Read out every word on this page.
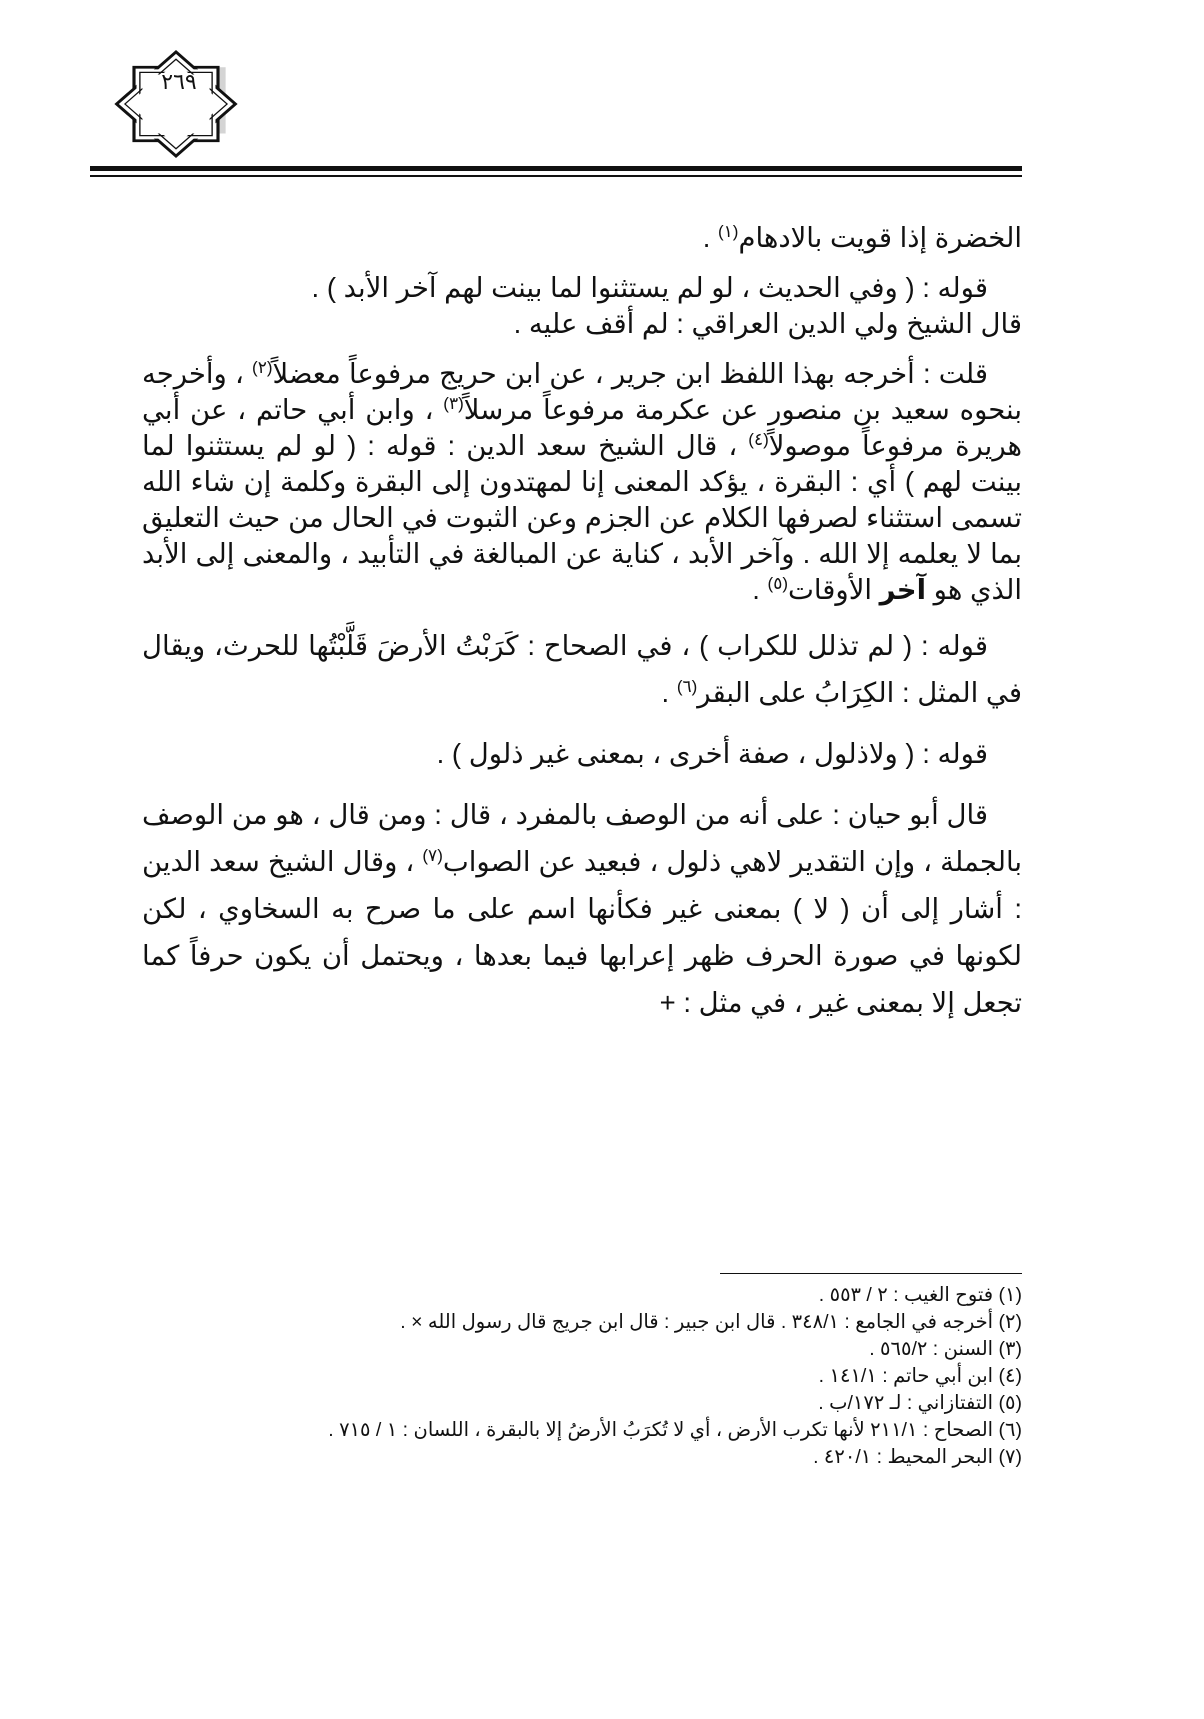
٢٦٩

الخضرة إذا قويت بالادهام$^{(١)}$ .

قوله : ( وفي الحديث ، لو لم يستثنوا لما بينت لهم آخر الأبد ) .

قال الشيخ ولي الدين العراقي : لم أقف عليه .

قلت : أخرجه بهذا اللفظ ابن جرير ، عن ابن حريج مرفوعاً معضلاً$^{(٢)}$ ، وأخرجه بنحوه سعيد بن منصور عن عكرمة مرفوعاً مرسلاً$^{(٣)}$ ، وابن أبي حاتم ، عن أبي هريرة مرفوعاً موصولاً$^{(٤)}$ ، قال الشيخ سعد الدين : قوله : ( لو لم يستثنوا لما بينت لهم ) أي : البقرة ، يؤكد المعنى إنا لمهتدون إلى البقرة وكلمة إن شاء الله تسمى استثناء لصرفها الكلام عن الجزم وعن الثبوت في الحال من حيث التعليق بما لا يعلمه إلا الله . وآخر الأبد ، كناية عن المبالغة في التأبيد ، والمعنى إلى الأبد الذي هو آخر الأوقات$^{(٥)}$ .

قوله : ( لم تذلل للكراب ) ، في الصحاح : كَرَبْتُ الأرضَ قَلَّبْتُها للحرث، ويقال في المثل : الكِرَابُ على البقر$^{(٦)}$ .

قوله : ( ولاذلول ، صفة أخرى ، بمعنى غير ذلول ) .

قال أبو حيان : على أنه من الوصف بالمفرد ، قال : ومن قال ، هو من الوصف بالجملة ، وإن التقدير لاهي ذلول ، فبعيد عن الصواب$^{(٧)}$ ، وقال الشيخ سعد الدين : أشار إلى أن ( لا ) بمعنى غير فكأنها اسم على ما صرح به السخاوي ، لكن لكونها في صورة الحرف ظهر إعرابها فيما بعدها ، ويحتمل أن يكون حرفاً كما تجعل إلا بمعنى غير ، في مثل : +

(١) فتوح الغيب : ٢ / ٥٥٣ .

(٢) أخرجه في الجامع : ٣٤٨/١ . قال ابن جبير : قال ابن جريج قال رسول الله × .

(٣) السنن : ٥٦٥/٢ .

(٤) ابن أبي حاتم : ١٤١/١ .

(٥) التفتازاني : لـ ١٧٢/ب .

(٦) الصحاح : ٢١١/١ لأنها تكرب الأرض ، أي لا تُكرَبُ الأرضُ إلا بالبقرة ، اللسان : ١ / ٧١٥ .

(٧) البحر المحيط : ٤٢٠/١ .
